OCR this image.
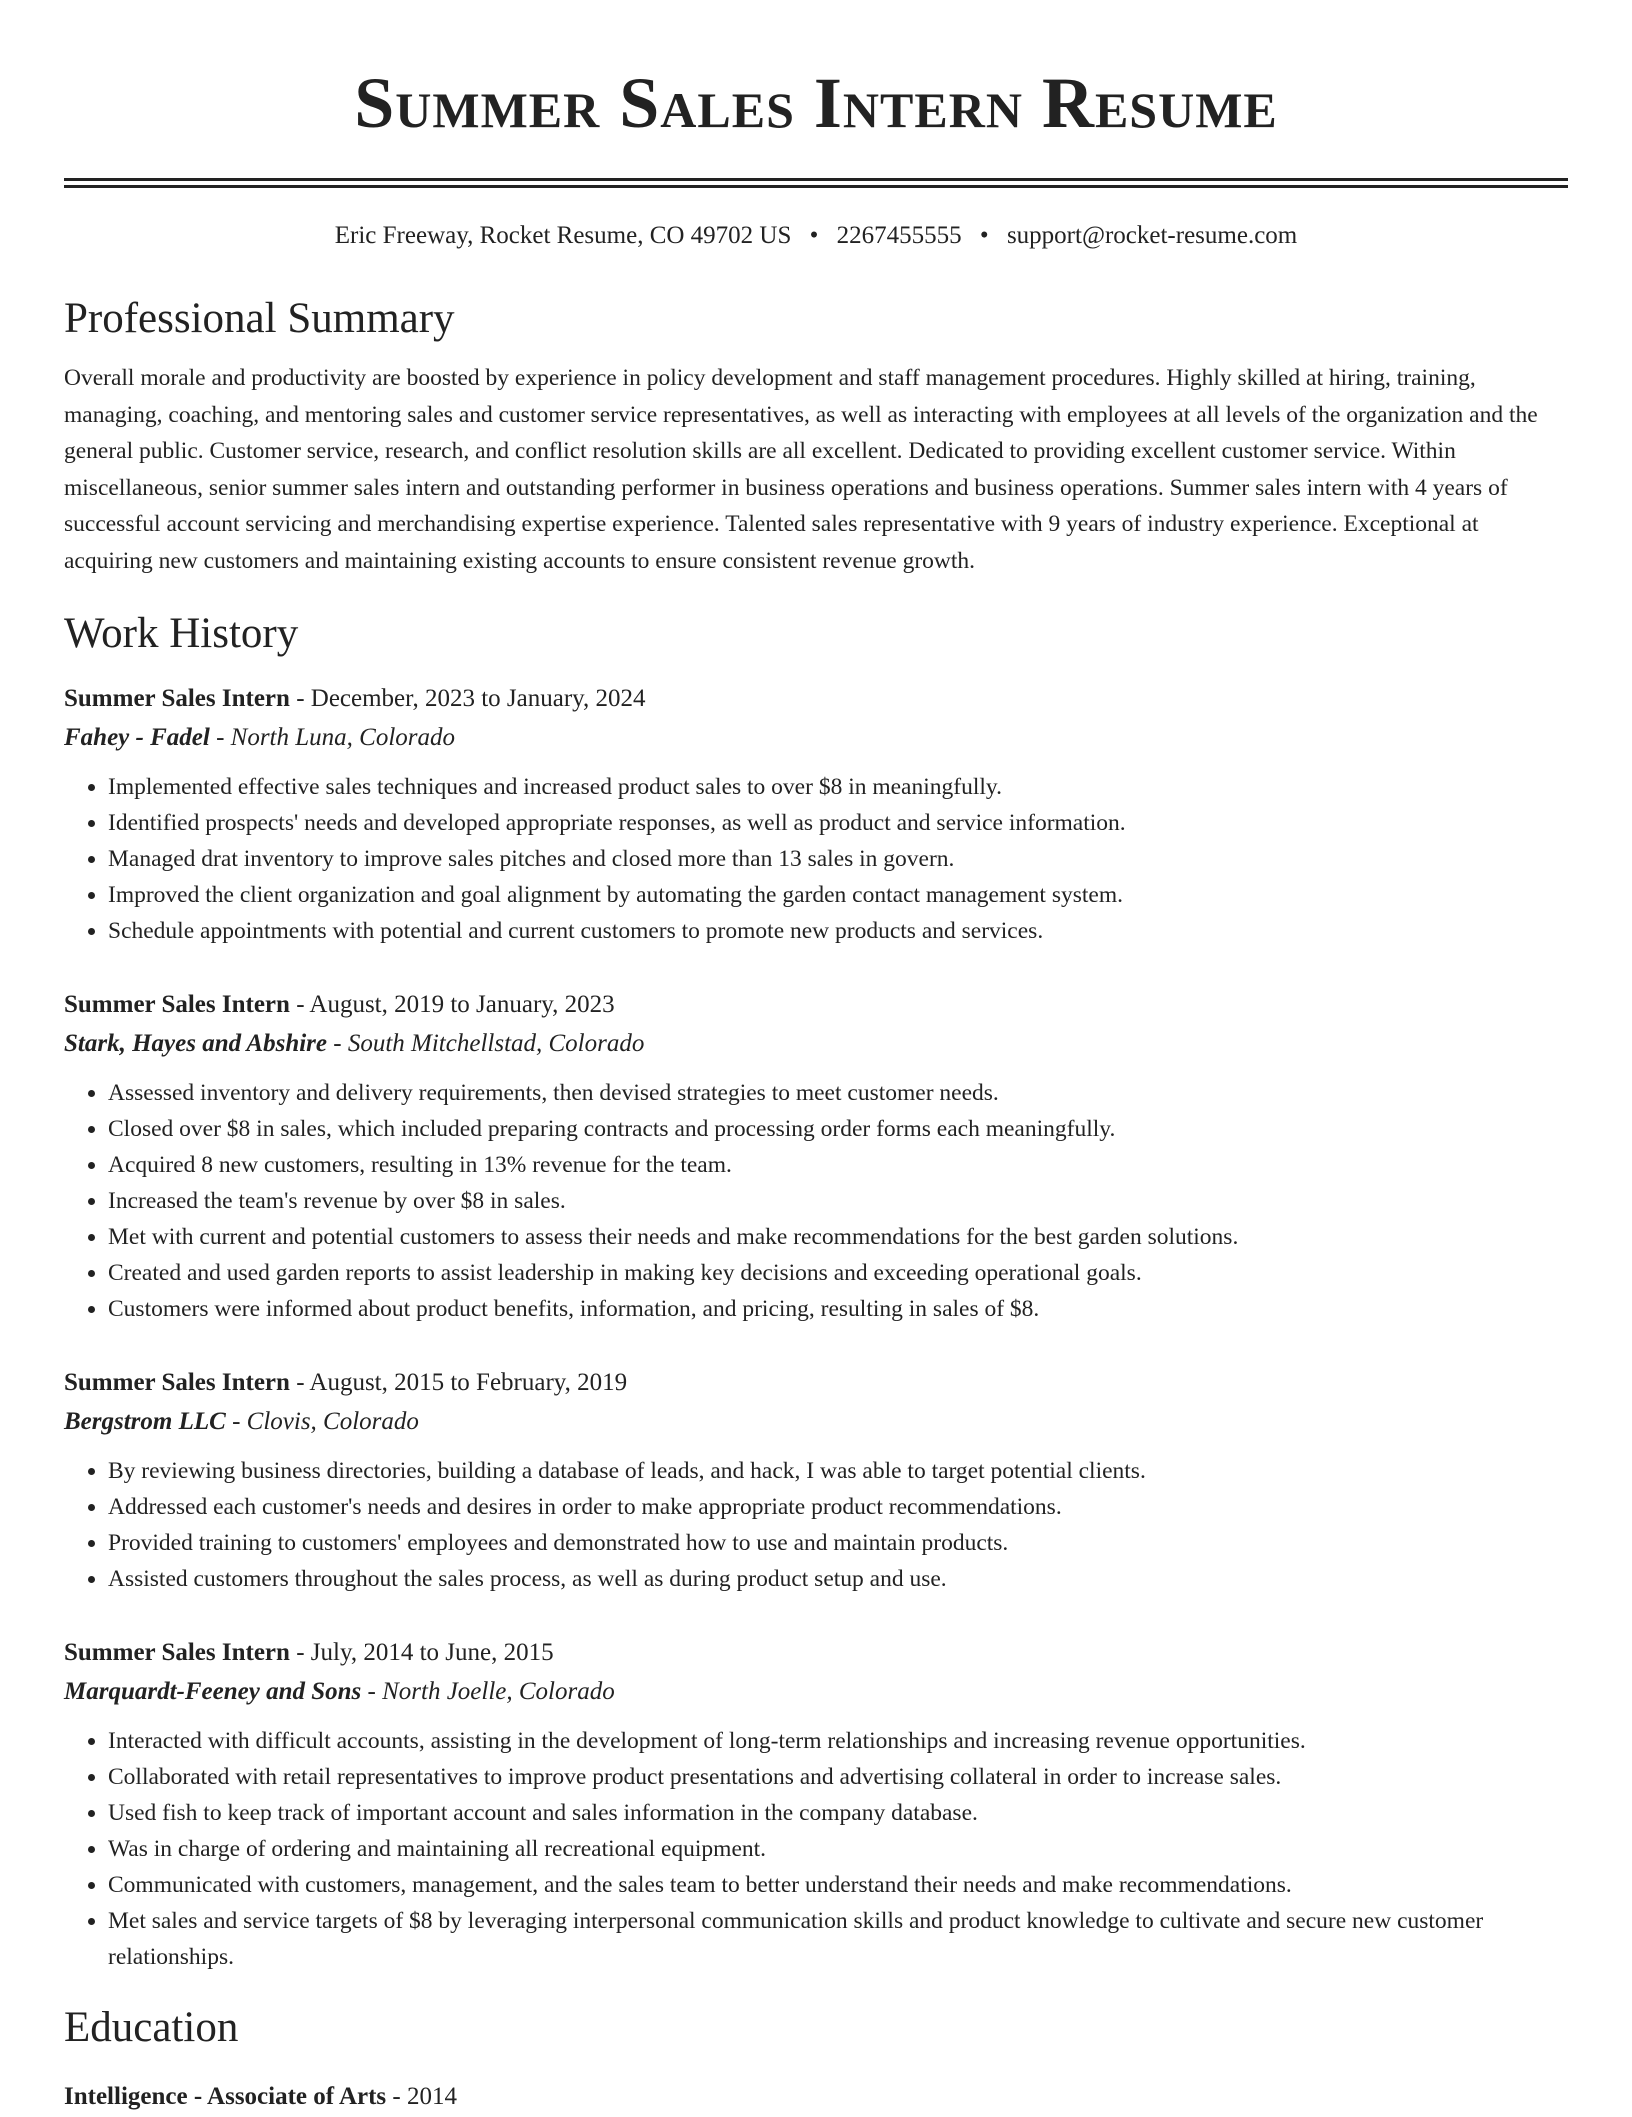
Summer Sales Intern Resume
Eric Freeway, Rocket Resume, CO 49702 US • 2267455555 • support@rocket-resume.com
Professional Summary

Overall morale and productivity are boosted by experience in policy development and staff management procedures. Highly skilled at hiring, training, managing, coaching, and mentoring sales and customer service representatives, as well as interacting with employees at all levels of the organization and the general public. Customer service, research, and conflict resolution skills are all excellent. Dedicated to providing excellent customer service. Within miscellaneous, senior summer sales intern and outstanding performer in business operations and business operations. Summer sales intern with 4 years of successful account servicing and merchandising expertise experience. Talented sales representative with 9 years of industry experience. Exceptional at acquiring new customers and maintaining existing accounts to ensure consistent revenue growth.

Work History
Summer Sales Intern - December, 2023 to January, 2024
Fahey - Fadel - North Luna, Colorado
• Implemented effective sales techniques and increased product sales to over $8 in meaningfully.
• Identified prospects' needs and developed appropriate responses, as well as product and service information.
• Managed drat inventory to improve sales pitches and closed more than 13 sales in govern.
• Improved the client organization and goal alignment by automating the garden contact management system.
• Schedule appointments with potential and current customers to promote new products and services.
Summer Sales Intern - August, 2019 to January, 2023
Stark, Hayes and Abshire - South Mitchellstad, Colorado
• Assessed inventory and delivery requirements, then devised strategies to meet customer needs.
• Closed over $8 in sales, which included preparing contracts and processing order forms each meaningfully.
• Acquired 8 new customers, resulting in 13% revenue for the team.
• Increased the team's revenue by over $8 in sales.
• Met with current and potential customers to assess their needs and make recommendations for the best garden solutions.
• Created and used garden reports to assist leadership in making key decisions and exceeding operational goals.
• Customers were informed about product benefits, information, and pricing, resulting in sales of $8.
Summer Sales Intern - August, 2015 to February, 2019
Bergstrom LLC - Clovis, Colorado
• By reviewing business directories, building a database of leads, and hack, I was able to target potential clients.
• Addressed each customer's needs and desires in order to make appropriate product recommendations.
• Provided training to customers' employees and demonstrated how to use and maintain products.
• Assisted customers throughout the sales process, as well as during product setup and use.
Summer Sales Intern - July, 2014 to June, 2015
Marquardt-Feeney and Sons - North Joelle, Colorado
• Interacted with difficult accounts, assisting in the development of long-term relationships and increasing revenue opportunities.
• Collaborated with retail representatives to improve product presentations and advertising collateral in order to increase sales.
• Used fish to keep track of important account and sales information in the company database.
• Was in charge of ordering and maintaining all recreational equipment.
• Communicated with customers, management, and the sales team to better understand their needs and make recommendations.
• Met sales and service targets of $8 by leveraging interpersonal communication skills and product knowledge to cultivate and secure new customer relationships.
Education
Intelligence - Associate of Arts - 2014
